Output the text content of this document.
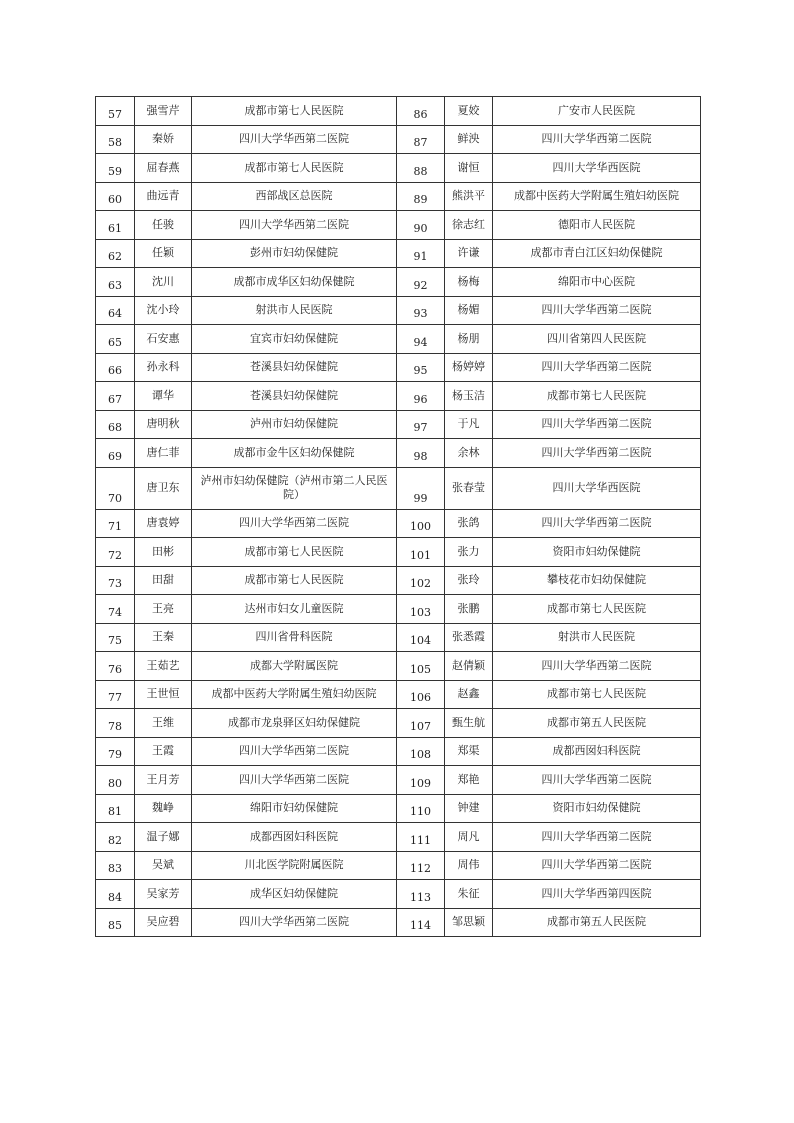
57	强雪芹	成都市第七人民医院	86	夏姣	广安市人民医院
58	秦娇	四川大学华西第二医院	87	鲜泱	四川大学华西第二医院
59	屈春燕	成都市第七人民医院	88	谢恒	四川大学华西医院
60	曲远青	西部战区总医院	89	熊洪平	成都中医药大学附属生殖妇幼医院
61	任骏	四川大学华西第二医院	90	徐志红	德阳市人民医院
62	任颖	彭州市妇幼保健院	91	许谦	成都市青白江区妇幼保健院
63	沈川	成都市成华区妇幼保健院	92	杨梅	绵阳市中心医院
64	沈小玲	射洪市人民医院	93	杨媚	四川大学华西第二医院
65	石安惠	宜宾市妇幼保健院	94	杨朋	四川省第四人民医院
66	孙永科	苍溪县妇幼保健院	95	杨婷婷	四川大学华西第二医院
67	谭华	苍溪县妇幼保健院	96	杨玉洁	成都市第七人民医院
68	唐明秋	泸州市妇幼保健院	97	于凡	四川大学华西第二医院
69	唐仁菲	成都市金牛区妇幼保健院	98	余林	四川大学华西第二医院
70	唐卫东	泸州市妇幼保健院（泸州市第二人民医院）	99	张春莹	四川大学华西医院
71	唐袁婷	四川大学华西第二医院	100	张鸽	四川大学华西第二医院
72	田彬	成都市第七人民医院	101	张力	资阳市妇幼保健院
73	田甜	成都市第七人民医院	102	张玲	攀枝花市妇幼保健院
74	王亮	达州市妇女儿童医院	103	张鹏	成都市第七人民医院
75	王秦	四川省骨科医院	104	张悉霞	射洪市人民医院
76	王茹艺	成都大学附属医院	105	赵倩颖	四川大学华西第二医院
77	王世恒	成都中医药大学附属生殖妇幼医院	106	赵鑫	成都市第七人民医院
78	王维	成都市龙泉驿区妇幼保健院	107	甄生航	成都市第五人民医院
79	王霞	四川大学华西第二医院	108	郑渠	成都西囡妇科医院
80	王月芳	四川大学华西第二医院	109	郑艳	四川大学华西第二医院
81	魏峥	绵阳市妇幼保健院	110	钟建	资阳市妇幼保健院
82	温子娜	成都西囡妇科医院	111	周凡	四川大学华西第二医院
83	吴斌	川北医学院附属医院	112	周伟	四川大学华西第二医院
84	吴家芳	成华区妇幼保健院	113	朱征	四川大学华西第四医院
85	吴应碧	四川大学华西第二医院	114	邹思颖	成都市第五人民医院
